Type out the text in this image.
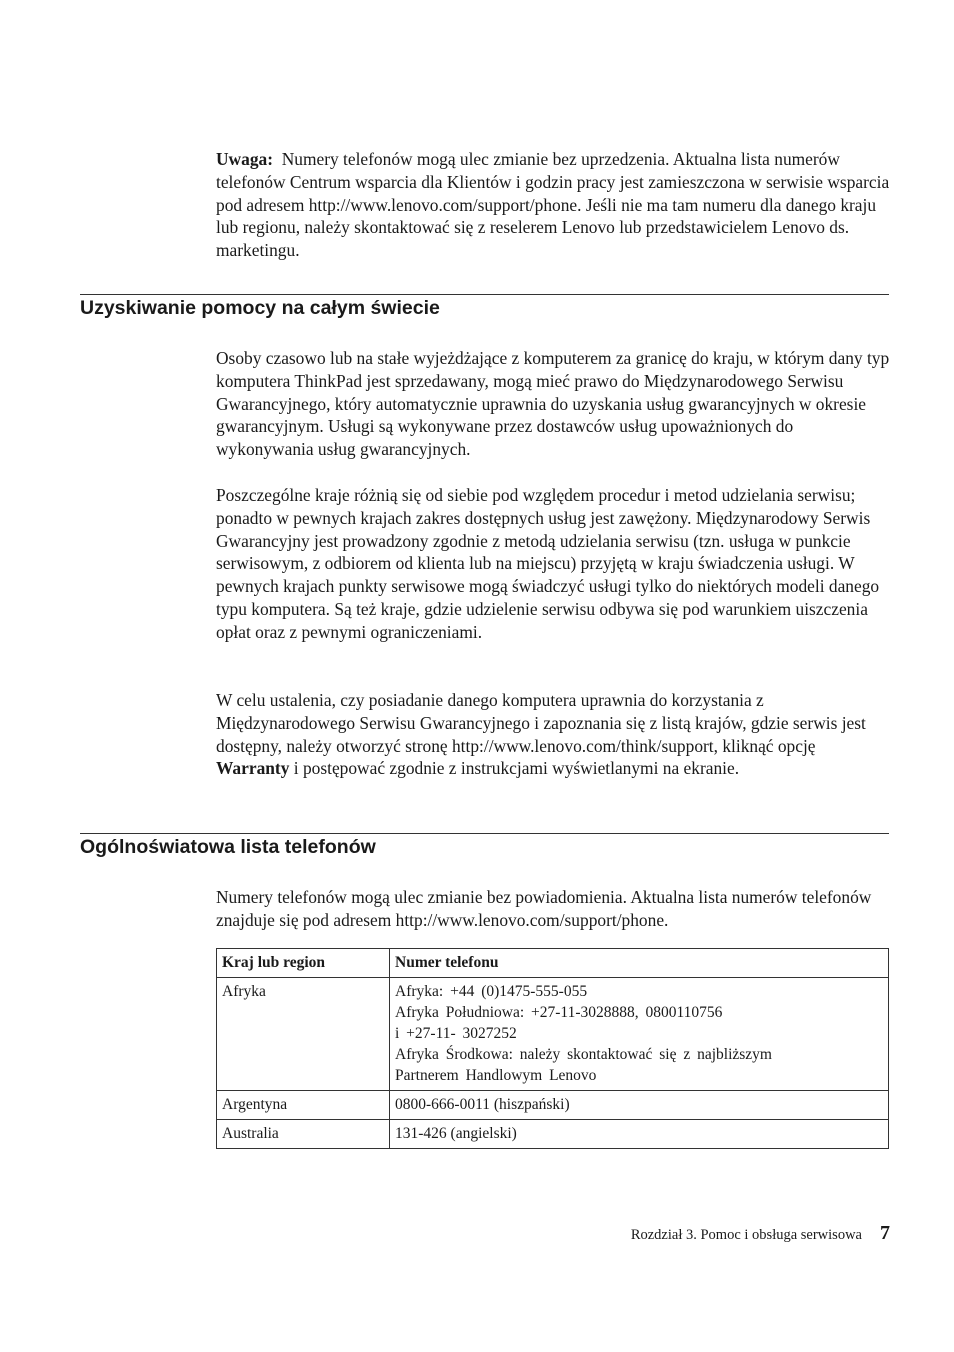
Uwaga: Numery telefonów mogą ulec zmianie bez uprzedzenia. Aktualna lista numerów telefonów Centrum wsparcia dla Klientów i godzin pracy jest zamieszczona w serwisie wsparcia pod adresem http://www.lenovo.com/support/phone. Jeśli nie ma tam numeru dla danego kraju lub regionu, należy skontaktować się z reselerem Lenovo lub przedstawicielem Lenovo ds. marketingu.

Uzyskiwanie pomocy na całym świecie

Osoby czasowo lub na stałe wyjeżdżające z komputerem za granicę do kraju, w którym dany typ komputera ThinkPad jest sprzedawany, mogą mieć prawo do Międzynarodowego Serwisu Gwarancyjnego, który automatycznie uprawnia do uzyskania usług gwarancyjnych w okresie gwarancyjnym. Usługi są wykonywane przez dostawców usług upoważnionych do wykonywania usług gwarancyjnych.

Poszczególne kraje różnią się od siebie pod względem procedur i metod udzielania serwisu; ponadto w pewnych krajach zakres dostępnych usług jest zawężony. Międzynarodowy Serwis Gwarancyjny jest prowadzony zgodnie z metodą udzielania serwisu (tzn. usługa w punkcie serwisowym, z odbiorem od klienta lub na miejscu) przyjętą w kraju świadczenia usługi. W pewnych krajach punkty serwisowe mogą świadczyć usługi tylko do niektórych modeli danego typu komputera. Są też kraje, gdzie udzielenie serwisu odbywa się pod warunkiem uiszczenia opłat oraz z pewnymi ograniczeniami.

W celu ustalenia, czy posiadanie danego komputera uprawnia do korzystania z Międzynarodowego Serwisu Gwarancyjnego i zapoznania się z listą krajów, gdzie serwis jest dostępny, należy otworzyć stronę http://www.lenovo.com/think/support, kliknąć opcję Warranty i postępować zgodnie z instrukcjami wyświetlanymi na ekranie.

Ogólnoświatowa lista telefonów

Numery telefonów mogą ulec zmianie bez powiadomienia. Aktualna lista numerów telefonów znajduje się pod adresem http://www.lenovo.com/support/phone.

Kraj lub region	Numer telefonu
Afryka	Afryka: +44 (0)1475-555-055
Afryka Południowa: +27-11-3028888, 0800110756
i +27-11- 3027252
Afryka Środkowa: należy skontaktować się z najbliższym
Partnerem Handlowym Lenovo

Argentyna	0800-666-0011 (hiszpański)
Australia	131-426 (angielski)
Rozdział 3. Pomoc i obsługa serwisowa 7
